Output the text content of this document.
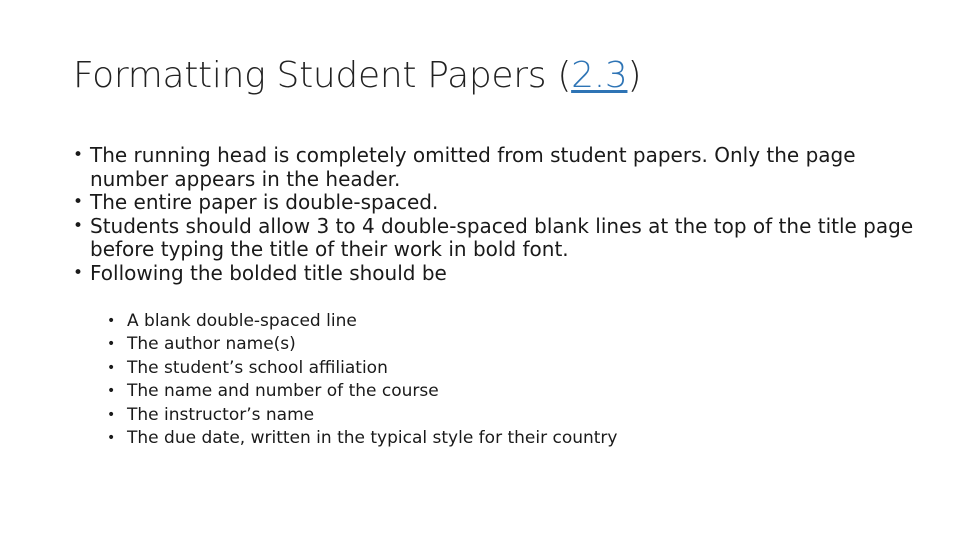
Formatting Student Papers (2.3)
• The running head is completely omitted from student papers. Only the page number appears in the header.
• The entire paper is double-spaced.
• Students should allow 3 to 4 double-spaced blank lines at the top of the title page before typing the title of their work in bold font.
• Following the bolded title should be
• A blank double-spaced line
• The author name(s)
• The student’s school affiliation
• The name and number of the course
• The instructor’s name
• The due date, written in the typical style for their country
